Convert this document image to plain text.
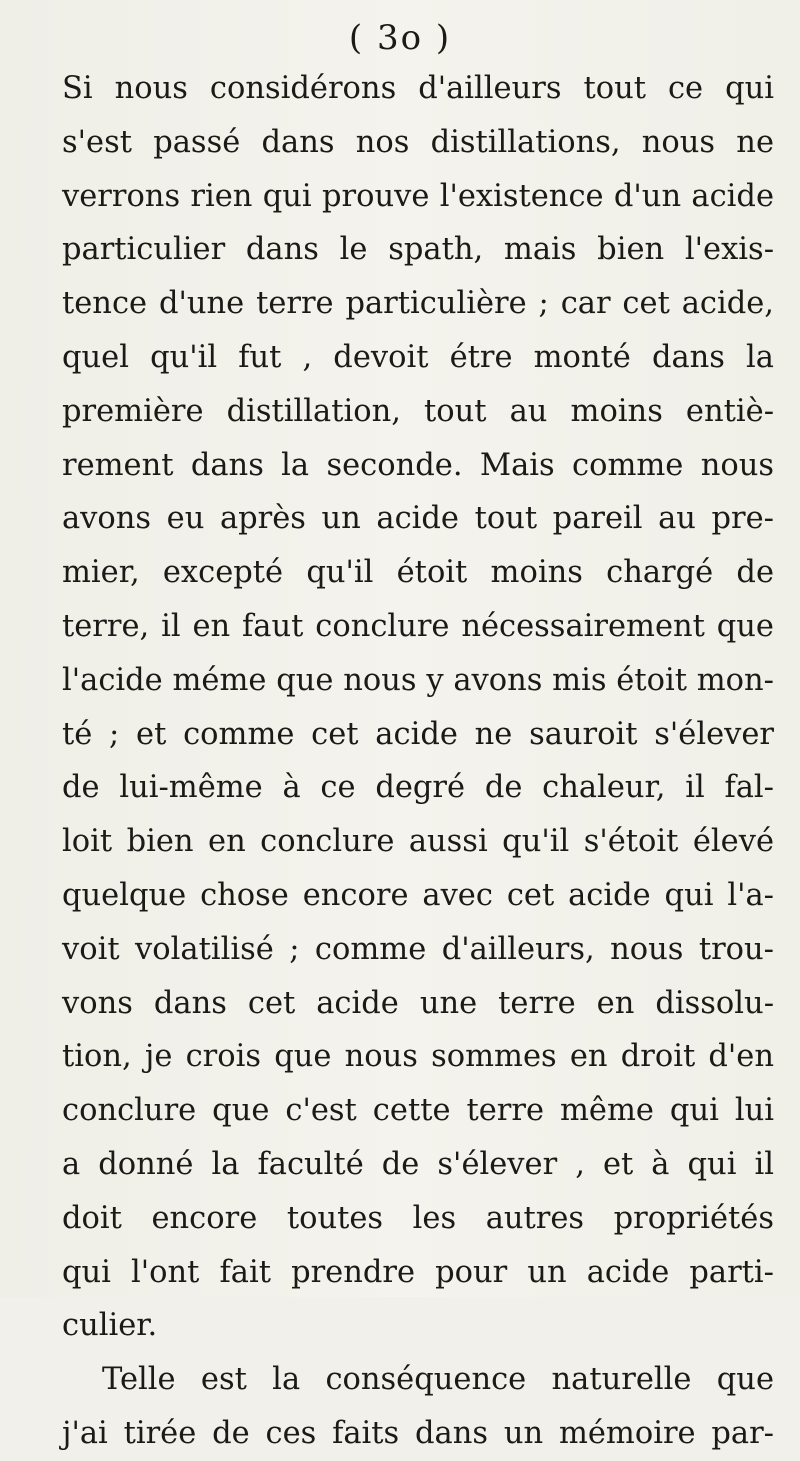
( 3o )
Si nous considérons d'ailleurs tout ce qui
s'est passé dans nos distillations, nous ne
verrons rien qui prouve l'existence d'un acide
particulier dans le spath, mais bien l'exis-
tence d'une terre particulière ; car cet acide,
quel qu'il fut , devoit étre monté dans la
première distillation, tout au moins entiè-
rement dans la seconde. Mais comme nous
avons eu après un acide tout pareil au pre-
mier, excepté qu'il étoit moins chargé de
terre, il en faut conclure nécessairement que
l'acide méme que nous y avons mis étoit mon-
té ; et comme cet acide ne sauroit s'élever
de lui-même à ce degré de chaleur, il fal-
loit bien en conclure aussi qu'il s'étoit élevé
quelque chose encore avec cet acide qui l'a-
voit volatilisé ; comme d'ailleurs, nous trou-
vons dans cet acide une terre en dissolu-
tion, je crois que nous sommes en droit d'en
conclure que c'est cette terre même qui lui
a donné la faculté de s'élever , et à qui il
doit encore toutes les autres propriétés
qui l'ont fait prendre pour un acide parti-
culier.
Telle est la conséquence naturelle que
j'ai tirée de ces faits dans un mémoire par-
